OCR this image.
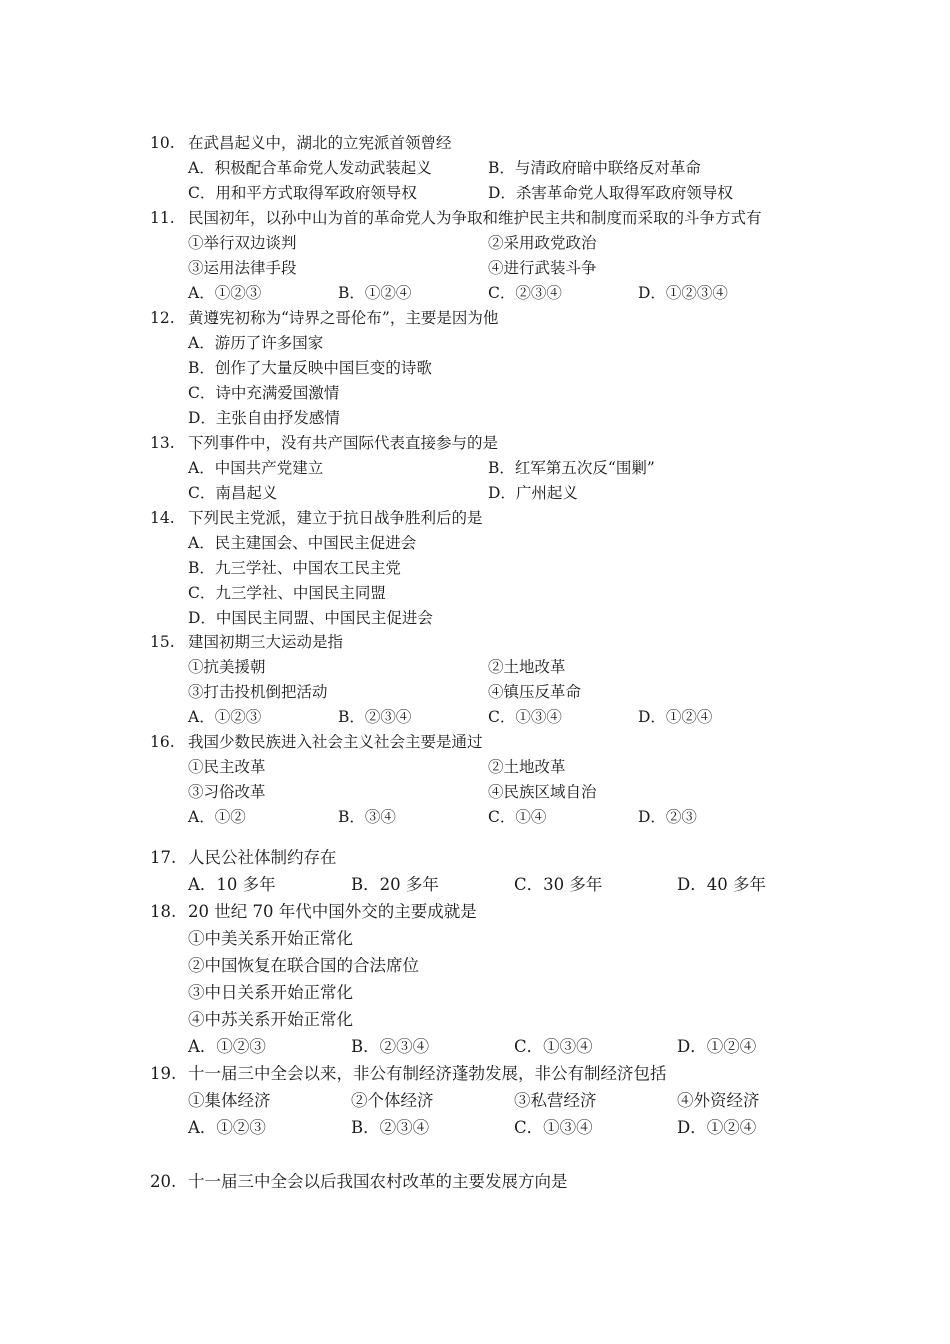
10. 在武昌起义中，湖北的立宪派首领曾经
A．积极配合革命党人发动武装起义	B．与清政府暗中联络反对革命
C．用和平方式取得军政府领导权	D．杀害革命党人取得军政府领导权
11. 民国初年，以孙中山为首的革命党人为争取和维护民主共和制度而采取的斗争方式有
①举行双边谈判	②采用政党政治
③运用法律手段	④进行武装斗争
A．①②③	B．①②④	C．②③④	D．①②③④
12. 黄遵宪初称为“诗界之哥伦布”，主要是因为他
A．游历了许多国家
B．创作了大量反映中国巨变的诗歌
C．诗中充满爱国激情
D．主张自由抒发感情
13. 下列事件中，没有共产国际代表直接参与的是
A．中国共产党建立	B．红军第五次反“围剿”
C．南昌起义	D．广州起义
14. 下列民主党派，建立于抗日战争胜利后的是
A．民主建国会、中国民主促进会
B．九三学社、中国农工民主党
C．九三学社、中国民主同盟
D．中国民主同盟、中国民主促进会
15. 建国初期三大运动是指
①抗美援朝	②土地改革
③打击投机倒把活动	④镇压反革命
A．①②③	B．②③④	C．①③④	D．①②④
16. 我国少数民族进入社会主义社会主要是通过
①民主改革	②土地改革
③习俗改革	④民族区域自治
A．①②	B．③④	C．①④	D．②③
17. 人民公社体制约存在
A．10 多年	B．20 多年	C．30 多年	D．40 多年
18. 20 世纪 70 年代中国外交的主要成就是
①中美关系开始正常化
②中国恢复在联合国的合法席位
③中日关系开始正常化
④中苏关系开始正常化
A．①②③	B．②③④	C．①③④	D．①②④
19. 十一届三中全会以来，非公有制经济蓬勃发展，非公有制经济包括
①集体经济	②个体经济	③私营经济	④外资经济
A．①②③	B．②③④	C．①③④	D．①②④
20. 十一届三中全会以后我国农村改革的主要发展方向是
